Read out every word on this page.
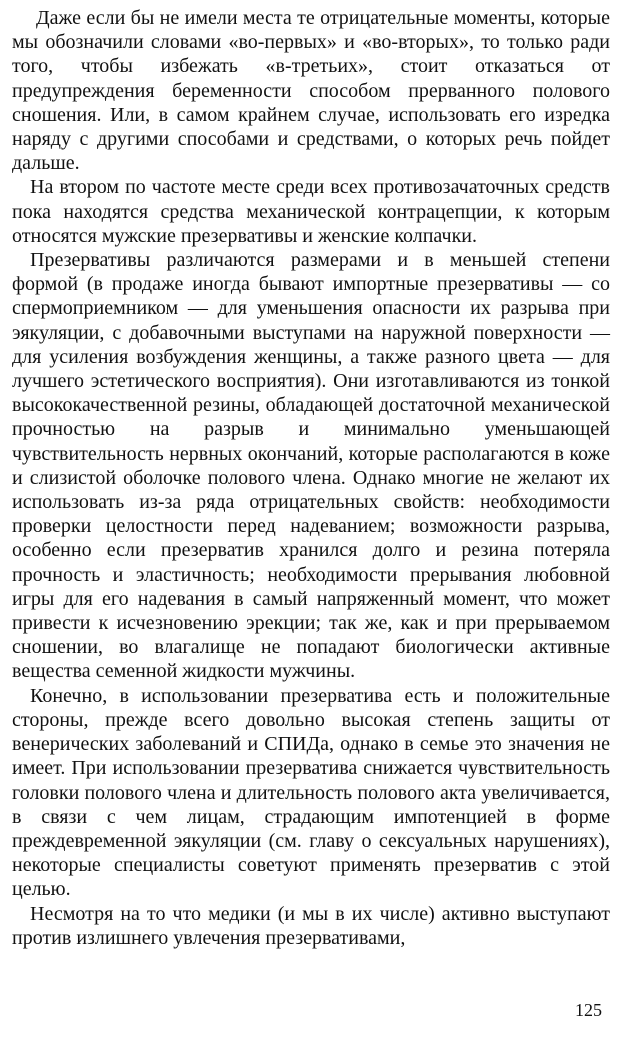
Даже если бы не имели места те отрицательные моменты, которые мы обозначили словами «во-первых» и «во-вторых», то только ради того, чтобы избежать «в-третьих», стоит отказаться от предупреждения беременности способом прерванного полового сношения. Или, в самом крайнем случае, использовать его изредка наряду с другими способами и средствами, о которых речь пойдет дальше.

На втором по частоте месте среди всех противозачаточных средств пока находятся средства механической контрацепции, к которым относятся мужские презервативы и женские колпачки.

Презервативы различаются размерами и в меньшей степени формой (в продаже иногда бывают импортные презервативы — со спермоприемником — для уменьшения опасности их разрыва при эякуляции, с добавочными выступами на наружной поверхности — для усиления возбуждения женщины, а также разного цвета — для лучшего эстетического восприятия). Они изготавливаются из тонкой высококачественной резины, обладающей достаточной механической прочностью на разрыв и минимально уменьшающей чувствительность нервных окончаний, которые располагаются в коже и слизистой оболочке полового члена. Однако многие не желают их использовать из-за ряда отрицательных свойств: необходимости проверки целостности перед надеванием; возможности разрыва, особенно если презерватив хранился долго и резина потеряла прочность и эластичность; необходимости прерывания любовной игры для его надевания в самый напряженный момент, что может привести к исчезновению эрекции; так же, как и при прерываемом сношении, во влагалище не попадают биологически активные вещества семенной жидкости мужчины.

Конечно, в использовании презерватива есть и положительные стороны, прежде всего довольно высокая степень защиты от венерических заболеваний и СПИДа, однако в семье это значения не имеет. При использовании презерватива снижается чувствительность головки полового члена и длительность полового акта увеличивается, в связи с чем лицам, страдающим импотенцией в форме преждевременной эякуляции (см. главу о сексуальных нарушениях), некоторые специалисты советуют применять презерватив с этой целью.

Несмотря на то что медики (и мы в их числе) активно выступают против излишнего увлечения презервативами,

125
